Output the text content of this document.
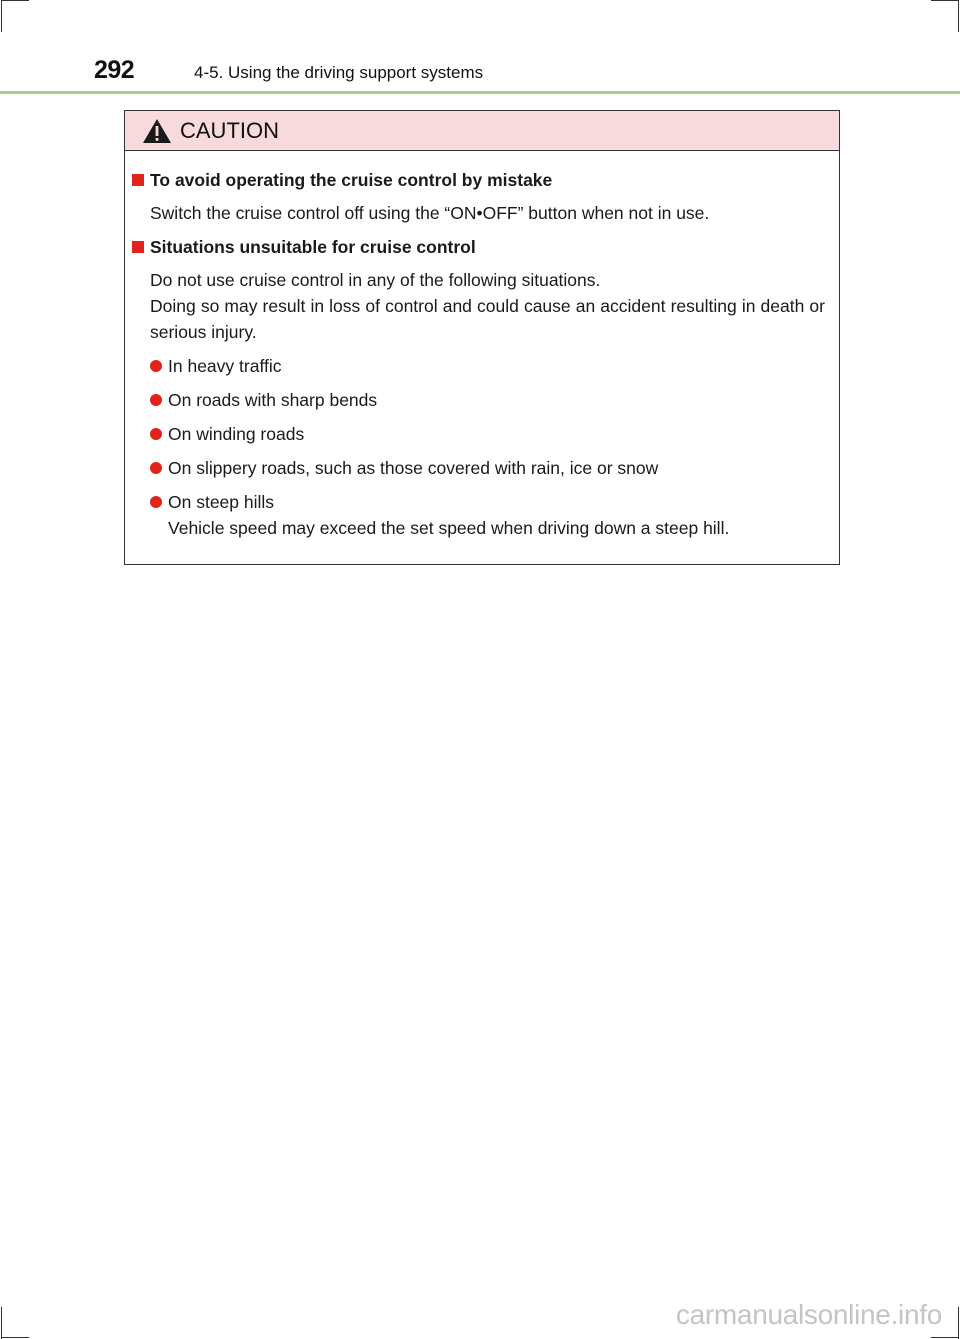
292	4-5. Using the driving support systems
CAUTION
To avoid operating the cruise control by mistake
Switch the cruise control off using the “ON•OFF” button when not in use.
Situations unsuitable for cruise control
Do not use cruise control in any of the following situations.
Doing so may result in loss of control and could cause an accident resulting in death or serious injury.
In heavy traffic
On roads with sharp bends
On winding roads
On slippery roads, such as those covered with rain, ice or snow
On steep hills
Vehicle speed may exceed the set speed when driving down a steep hill.
carmanualsonline.info
